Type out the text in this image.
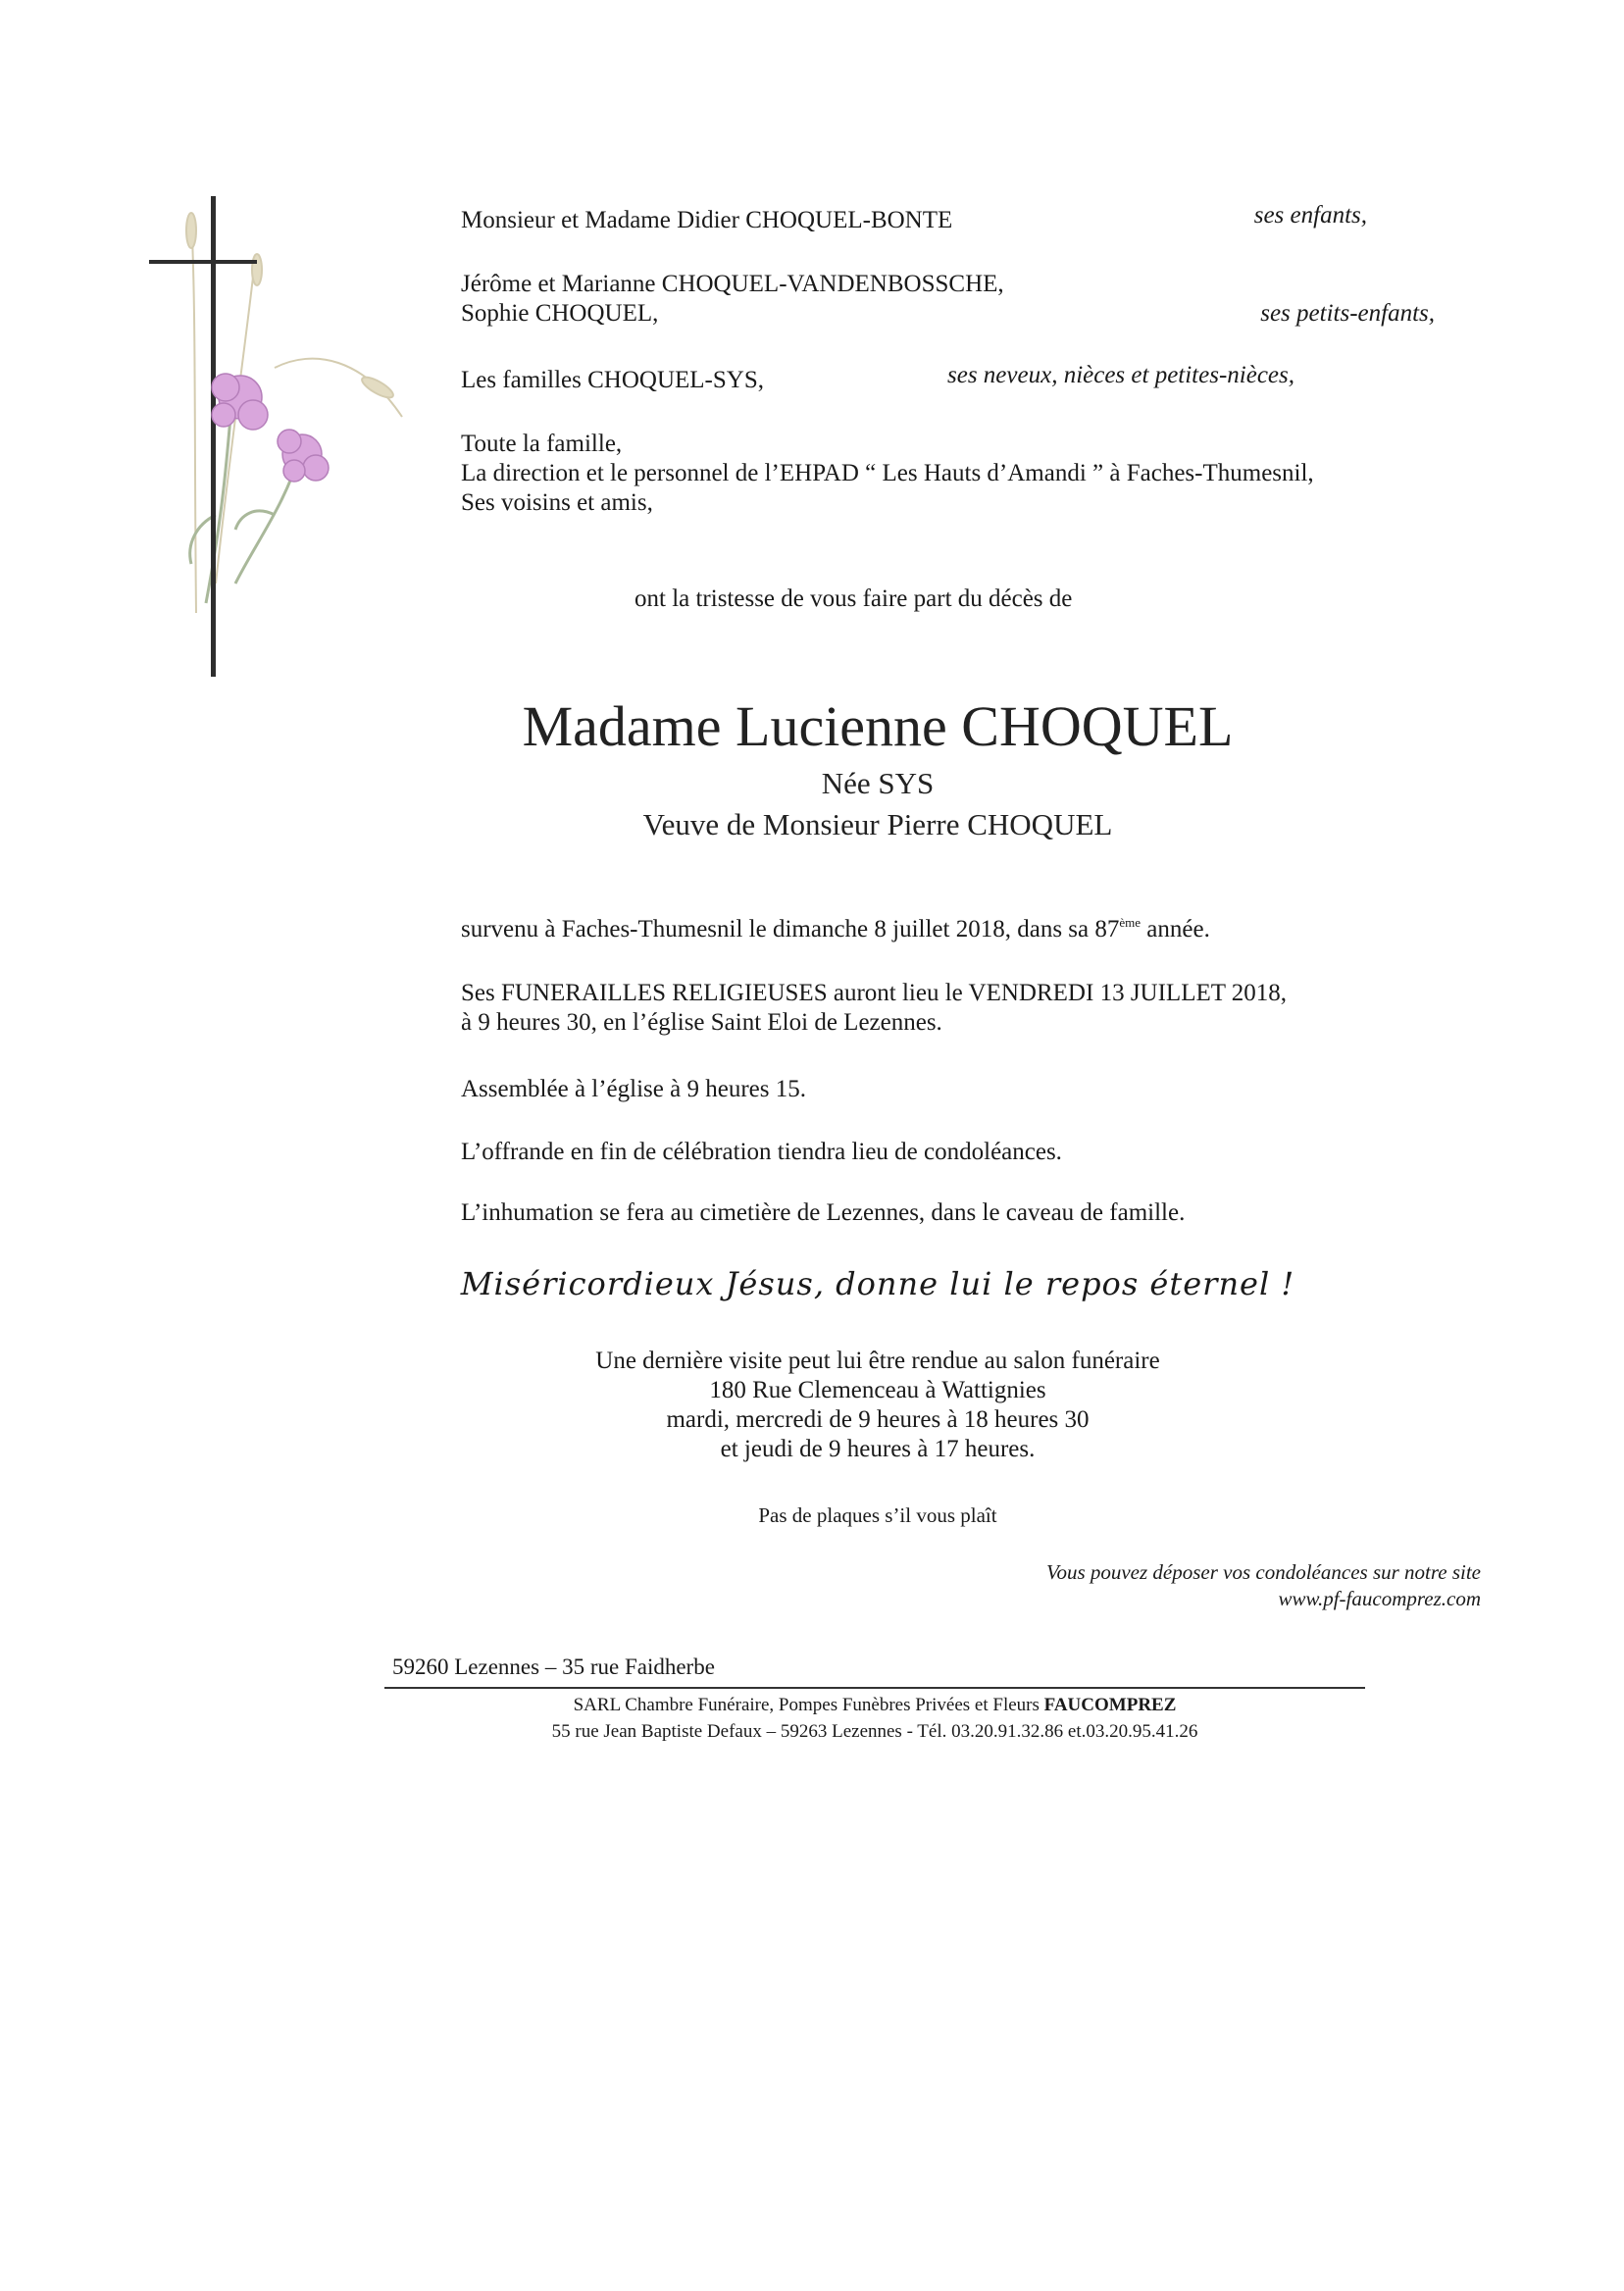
Monsieur et Madame Didier CHOQUEL-BONTE	ses enfants,
Jérôme et Marianne CHOQUEL-VANDENBOSSCHE,
Sophie CHOQUEL,	ses petits-enfants,
Les familles CHOQUEL-SYS,	ses neveux, nièces et petites-nièces,
Toute la famille,
La direction et le personnel de l’EHPAD “ Les Hauts d’Amandi ” à Faches-Thumesnil,
Ses voisins et amis,
ont la tristesse de vous faire part du décès de
Madame Lucienne CHOQUEL
Née SYS
Veuve de Monsieur Pierre CHOQUEL
survenu à Faches-Thumesnil le dimanche 8 juillet 2018, dans sa 87ème année.
Ses FUNERAILLES RELIGIEUSES auront lieu le VENDREDI 13 JUILLET 2018,
à 9 heures 30, en l’église Saint Eloi de Lezennes.
Assemblée à l’église à 9 heures 15.
L’offrande en fin de célébration tiendra lieu de condoléances.
L’inhumation se fera au cimetière de Lezennes, dans le caveau de famille.
Miséricordieux Jésus, donne lui le repos éternel !
Une dernière visite peut lui être rendue au salon funéraire
180 Rue Clemenceau à Wattignies
mardi, mercredi de 9 heures à 18 heures 30
et jeudi de 9 heures à 17 heures.
Pas de plaques s’il vous plaît
Vous pouvez déposer vos condoléances sur notre site
www.pf-faucomprez.com
59260 Lezennes – 35 rue Faidherbe
SARL Chambre Funéraire, Pompes Funèbres Privées et Fleurs FAUCOMPREZ
55 rue Jean Baptiste Defaux – 59263 Lezennes - Tél. 03.20.91.32.86 et.03.20.95.41.26
